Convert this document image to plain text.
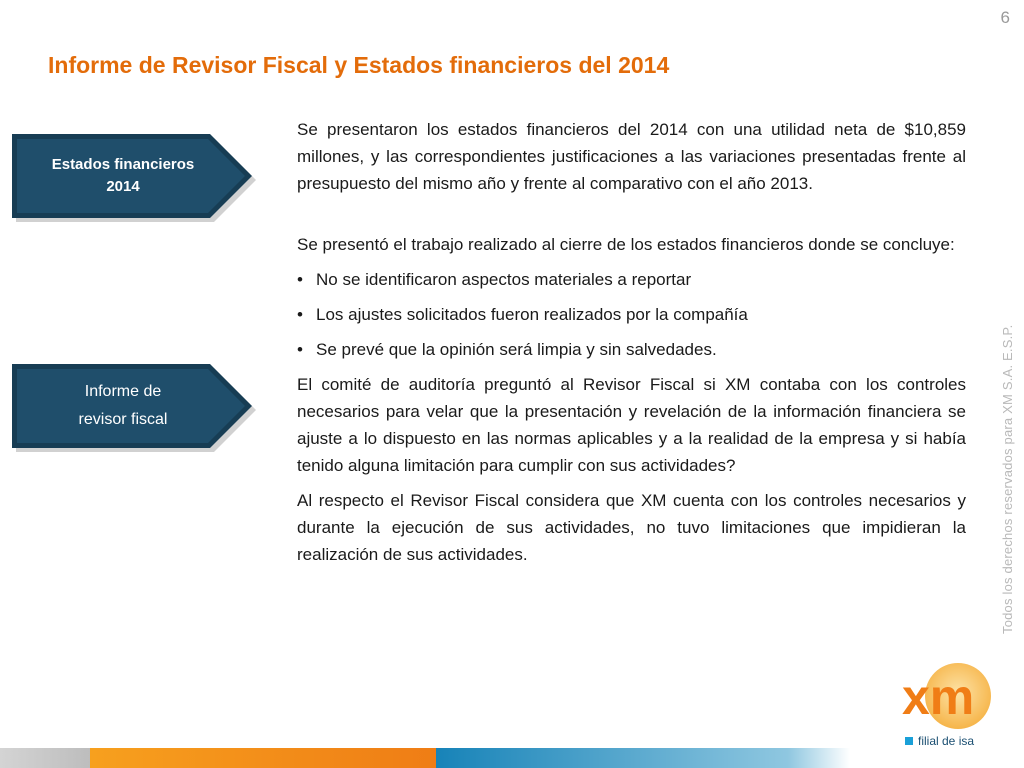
6
Informe de Revisor Fiscal y Estados financieros del 2014
Estados financieros
2014
Informe de
revisor fiscal

Se presentaron los estados financieros del 2014 con una utilidad neta de $10,859 millones, y las correspondientes justificaciones a las variaciones presentadas frente al presupuesto del mismo año y frente al comparativo con el año 2013.

Se presentó el trabajo realizado al cierre de los estados financieros donde se concluye:

• No se identificaron aspectos materiales a reportar
• Los ajustes solicitados fueron realizados por la compañía
• Se prevé que la opinión será limpia y sin salvedades.

El comité de auditoría preguntó al Revisor Fiscal si XM contaba con los controles necesarios para velar que la presentación y revelación de la información financiera se ajuste a lo dispuesto en las normas aplicables y a la realidad de la empresa y si había tenido alguna limitación para cumplir con sus actividades?

Al respecto el Revisor Fiscal considera que XM cuenta con los controles necesarios y durante la ejecución de sus actividades, no tuvo limitaciones que impidieran la realización de sus actividades.	Todos los derechos reservados para XM S.A. E.S.P.
xm
filial de isa
